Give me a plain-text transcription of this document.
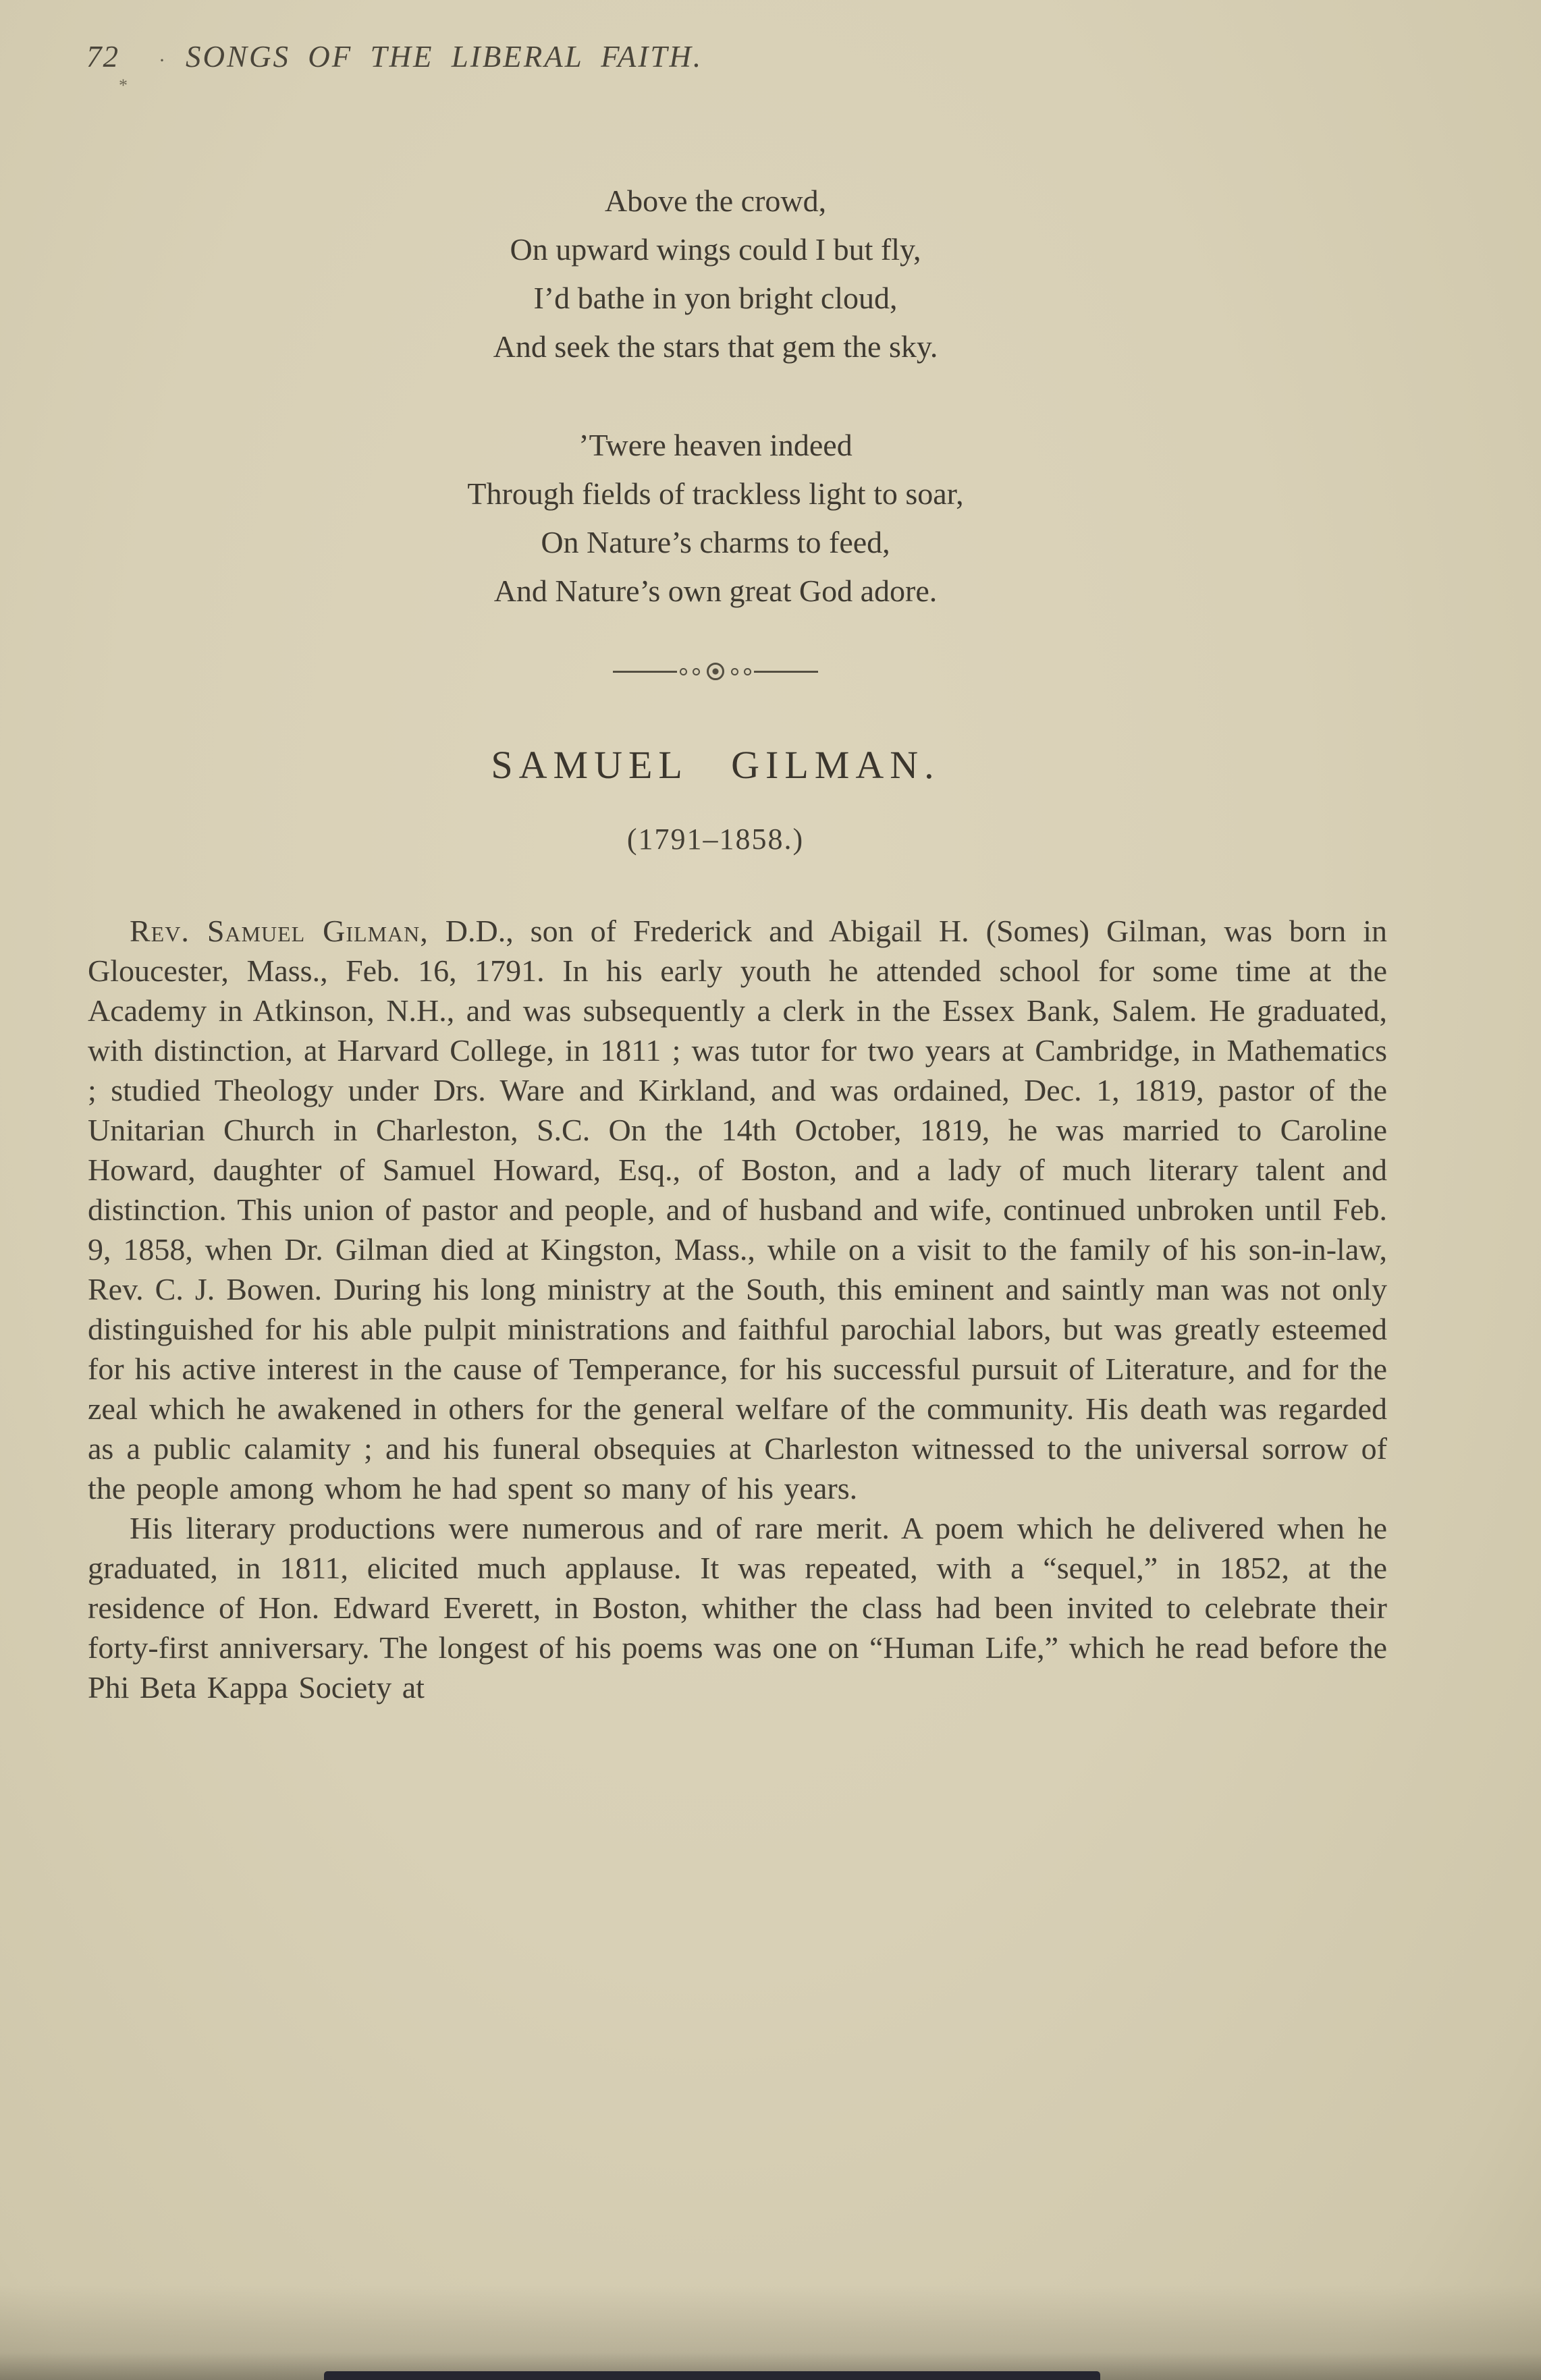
72 · SONGS OF THE LIBERAL FAITH.
*
Above the crowd,
On upward wings could I but fly,
I’d bathe in yon bright cloud,
And seek the stars that gem the sky.
’Twere heaven indeed
Through fields of trackless light to soar,
On Nature’s charms to feed,
And Nature’s own great God adore.
SAMUEL GILMAN.
(1791–1858.)

Rev. Samuel Gilman, D.D., son of Frederick and Abigail H. (Somes) Gilman, was born in Gloucester, Mass., Feb. 16, 1791. In his early youth he attended school for some time at the Academy in Atkinson, N.H., and was subsequently a clerk in the Essex Bank, Salem. He graduated, with distinction, at Harvard College, in 1811 ; was tutor for two years at Cambridge, in Mathematics ; studied Theology under Drs. Ware and Kirkland, and was ordained, Dec. 1, 1819, pastor of the Unitarian Church in Charleston, S.C. On the 14th October, 1819, he was married to Caroline Howard, daughter of Samuel Howard, Esq., of Boston, and a lady of much literary talent and distinction. This union of pastor and people, and of husband and wife, continued unbroken until Feb. 9, 1858, when Dr. Gilman died at Kingston, Mass., while on a visit to the family of his son-in-law, Rev. C. J. Bowen. During his long ministry at the South, this eminent and saintly man was not only distinguished for his able pulpit ministrations and faithful parochial labors, but was greatly esteemed for his active interest in the cause of Temperance, for his successful pursuit of Literature, and for the zeal which he awakened in others for the general welfare of the community. His death was regarded as a public calamity ; and his funeral obsequies at Charleston witnessed to the universal sorrow of the people among whom he had spent so many of his years.

His literary productions were numerous and of rare merit. A poem which he delivered when he graduated, in 1811, elicited much applause. It was repeated, with a “sequel,” in 1852, at the residence of Hon. Edward Everett, in Boston, whither the class had been invited to celebrate their forty-first anniversary. The longest of his poems was one on “Human Life,” which he read before the Phi Beta Kappa Society at
